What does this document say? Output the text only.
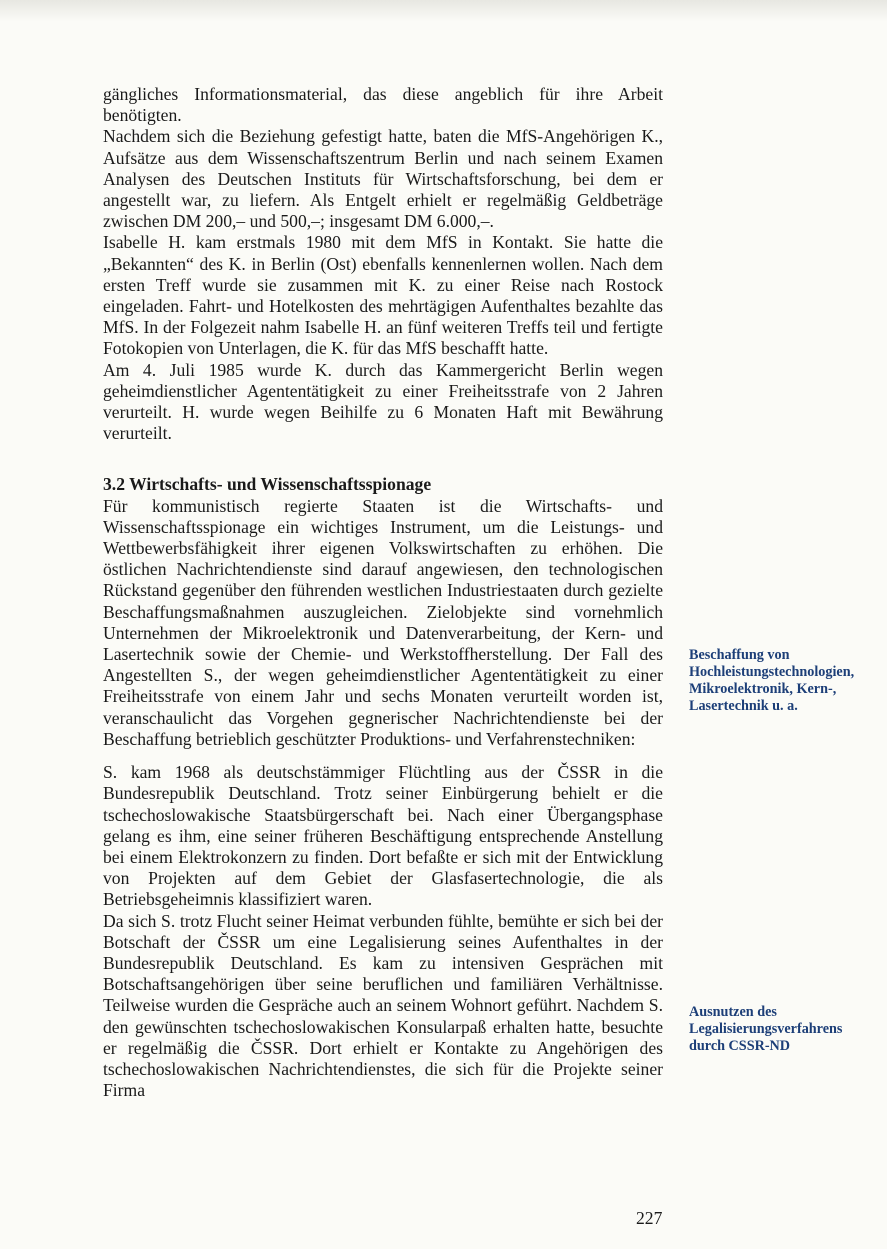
gängliches Informationsmaterial, das diese angeblich für ihre Arbeit benötigten.

Nachdem sich die Beziehung gefestigt hatte, baten die MfS-Angehörigen K., Aufsätze aus dem Wissenschaftszentrum Berlin und nach seinem Examen Analysen des Deutschen Instituts für Wirtschaftsforschung, bei dem er angestellt war, zu liefern. Als Entgelt erhielt er regelmäßig Geldbeträge zwischen DM 200,– und 500,–; insgesamt DM 6.000,–.

Isabelle H. kam erstmals 1980 mit dem MfS in Kontakt. Sie hatte die „Bekannten“ des K. in Berlin (Ost) ebenfalls kennenlernen wollen. Nach dem ersten Treff wurde sie zusammen mit K. zu einer Reise nach Rostock eingeladen. Fahrt- und Hotelkosten des mehrtägigen Aufenthaltes bezahlte das MfS. In der Folgezeit nahm Isabelle H. an fünf weiteren Treffs teil und fertigte Fotokopien von Unterlagen, die K. für das MfS beschafft hatte.

Am 4. Juli 1985 wurde K. durch das Kammergericht Berlin wegen geheimdienstlicher Agententätigkeit zu einer Freiheitsstrafe von 2 Jahren verurteilt. H. wurde wegen Beihilfe zu 6 Monaten Haft mit Bewährung verurteilt.

3.2 Wirtschafts- und Wissenschaftsspionage

Für kommunistisch regierte Staaten ist die Wirtschafts- und Wissenschaftsspionage ein wichtiges Instrument, um die Leistungs- und Wettbewerbsfähigkeit ihrer eigenen Volkswirtschaften zu erhöhen. Die östlichen Nachrichtendienste sind darauf angewiesen, den technologischen Rückstand gegenüber den führenden westlichen Industriestaaten durch gezielte Beschaffungsmaßnahmen auszugleichen. Zielobjekte sind vornehmlich Unternehmen der Mikroelektronik und Datenverarbeitung, der Kern- und Lasertechnik sowie der Chemie- und Werkstoffherstellung. Der Fall des Angestellten S., der wegen geheimdienstlicher Agententätigkeit zu einer Freiheitsstrafe von einem Jahr und sechs Monaten verurteilt worden ist, veranschaulicht das Vorgehen gegnerischer Nachrichtendienste bei der Beschaffung betrieblich geschützter Produktions- und Verfahrenstechniken:

S. kam 1968 als deutschstämmiger Flüchtling aus der ČSSR in die Bundesrepublik Deutschland. Trotz seiner Einbürgerung behielt er die tschechoslowakische Staatsbürgerschaft bei. Nach einer Übergangsphase gelang es ihm, eine seiner früheren Beschäftigung entsprechende Anstellung bei einem Elektrokonzern zu finden. Dort befaßte er sich mit der Entwicklung von Projekten auf dem Gebiet der Glasfasertechnologie, die als Betriebsgeheimnis klassifiziert waren.

Da sich S. trotz Flucht seiner Heimat verbunden fühlte, bemühte er sich bei der Botschaft der ČSSR um eine Legalisierung seines Aufenthaltes in der Bundesrepublik Deutschland. Es kam zu intensiven Gesprächen mit Botschaftsangehörigen über seine beruflichen und familiären Verhältnisse. Teilweise wurden die Gespräche auch an seinem Wohnort geführt. Nachdem S. den gewünschten tschechoslowakischen Konsularpaß erhalten hatte, besuchte er regelmäßig die ČSSR. Dort erhielt er Kontakte zu Angehörigen des tschechoslowakischen Nachrichtendienstes, die sich für die Projekte seiner Firma

Beschaffung von Hochleistungstechnologien, Mikroelektronik, Kern-, Lasertechnik u. a.
Ausnutzen des Legalisierungsverfahrens durch CSSR-ND
227
